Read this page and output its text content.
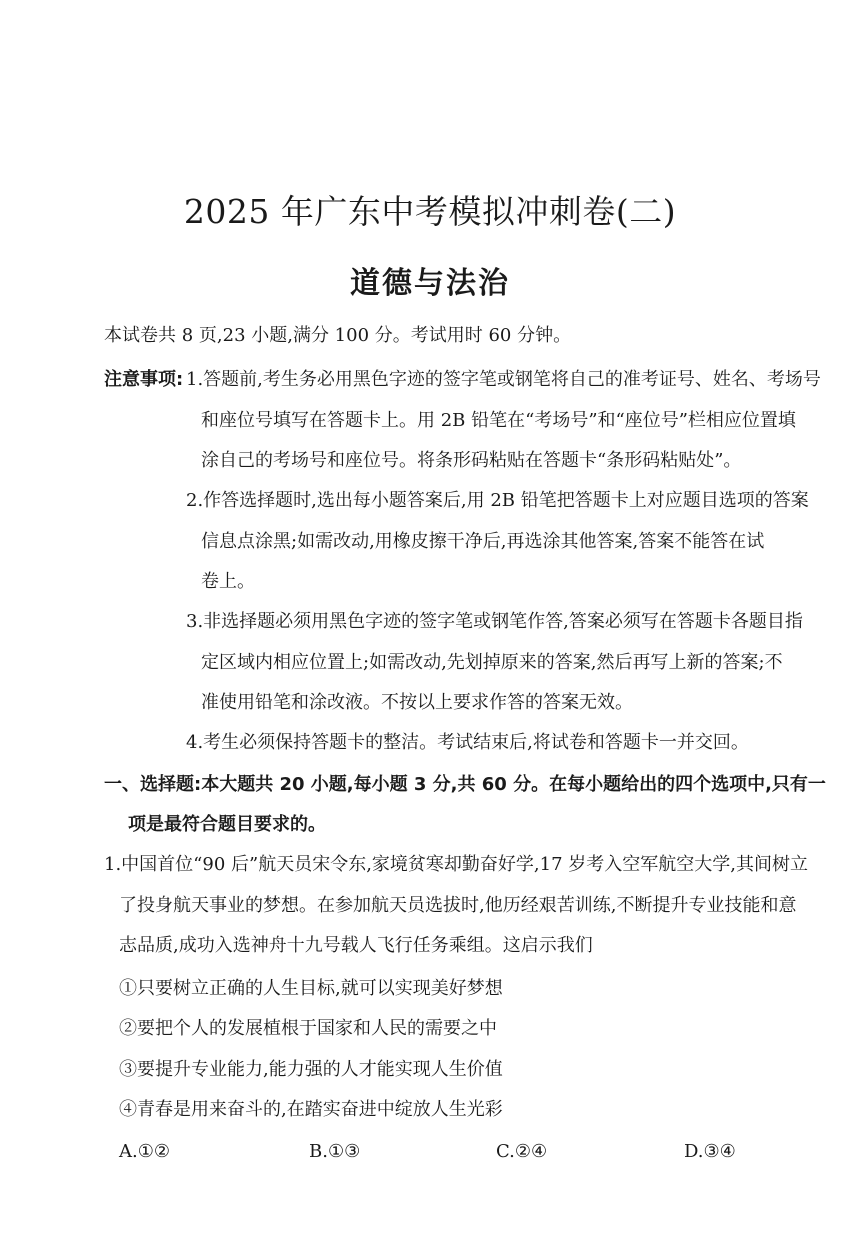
2025 年广东中考模拟冲刺卷(二)
道德与法治
本试卷共 8 页,23 小题,满分 100 分。考试用时 60 分钟。
注意事项: 1.答题前,考生务必用黑色字迹的签字笔或钢笔将自己的准考证号、姓名、考场号
和座位号填写在答题卡上。用 2B 铅笔在“考场号”和“座位号”栏相应位置填
涂自己的考场号和座位号。将条形码粘贴在答题卡“条形码粘贴处”。
2.作答选择题时,选出每小题答案后,用 2B 铅笔把答题卡上对应题目选项的答案
信息点涂黑;如需改动,用橡皮擦干净后,再选涂其他答案,答案不能答在试
卷上。
3.非选择题必须用黑色字迹的签字笔或钢笔作答,答案必须写在答题卡各题目指
定区域内相应位置上;如需改动,先划掉原来的答案,然后再写上新的答案;不
准使用铅笔和涂改液。不按以上要求作答的答案无效。
4.考生必须保持答题卡的整洁。考试结束后,将试卷和答题卡一并交回。
一、选择题:本大题共 20 小题,每小题 3 分,共 60 分。在每小题给出的四个选项中,只有一
项是最符合题目要求的。
1.中国首位“90 后”航天员宋令东,家境贫寒却勤奋好学,17 岁考入空军航空大学,其间树立
了投身航天事业的梦想。在参加航天员选拔时,他历经艰苦训练,不断提升专业技能和意
志品质,成功入选神舟十九号载人飞行任务乘组。这启示我们
①只要树立正确的人生目标,就可以实现美好梦想
②要把个人的发展植根于国家和人民的需要之中
③要提升专业能力,能力强的人才能实现人生价值
④青春是用来奋斗的,在踏实奋进中绽放人生光彩
A.①②	B.①③	C.②④	D.③④
